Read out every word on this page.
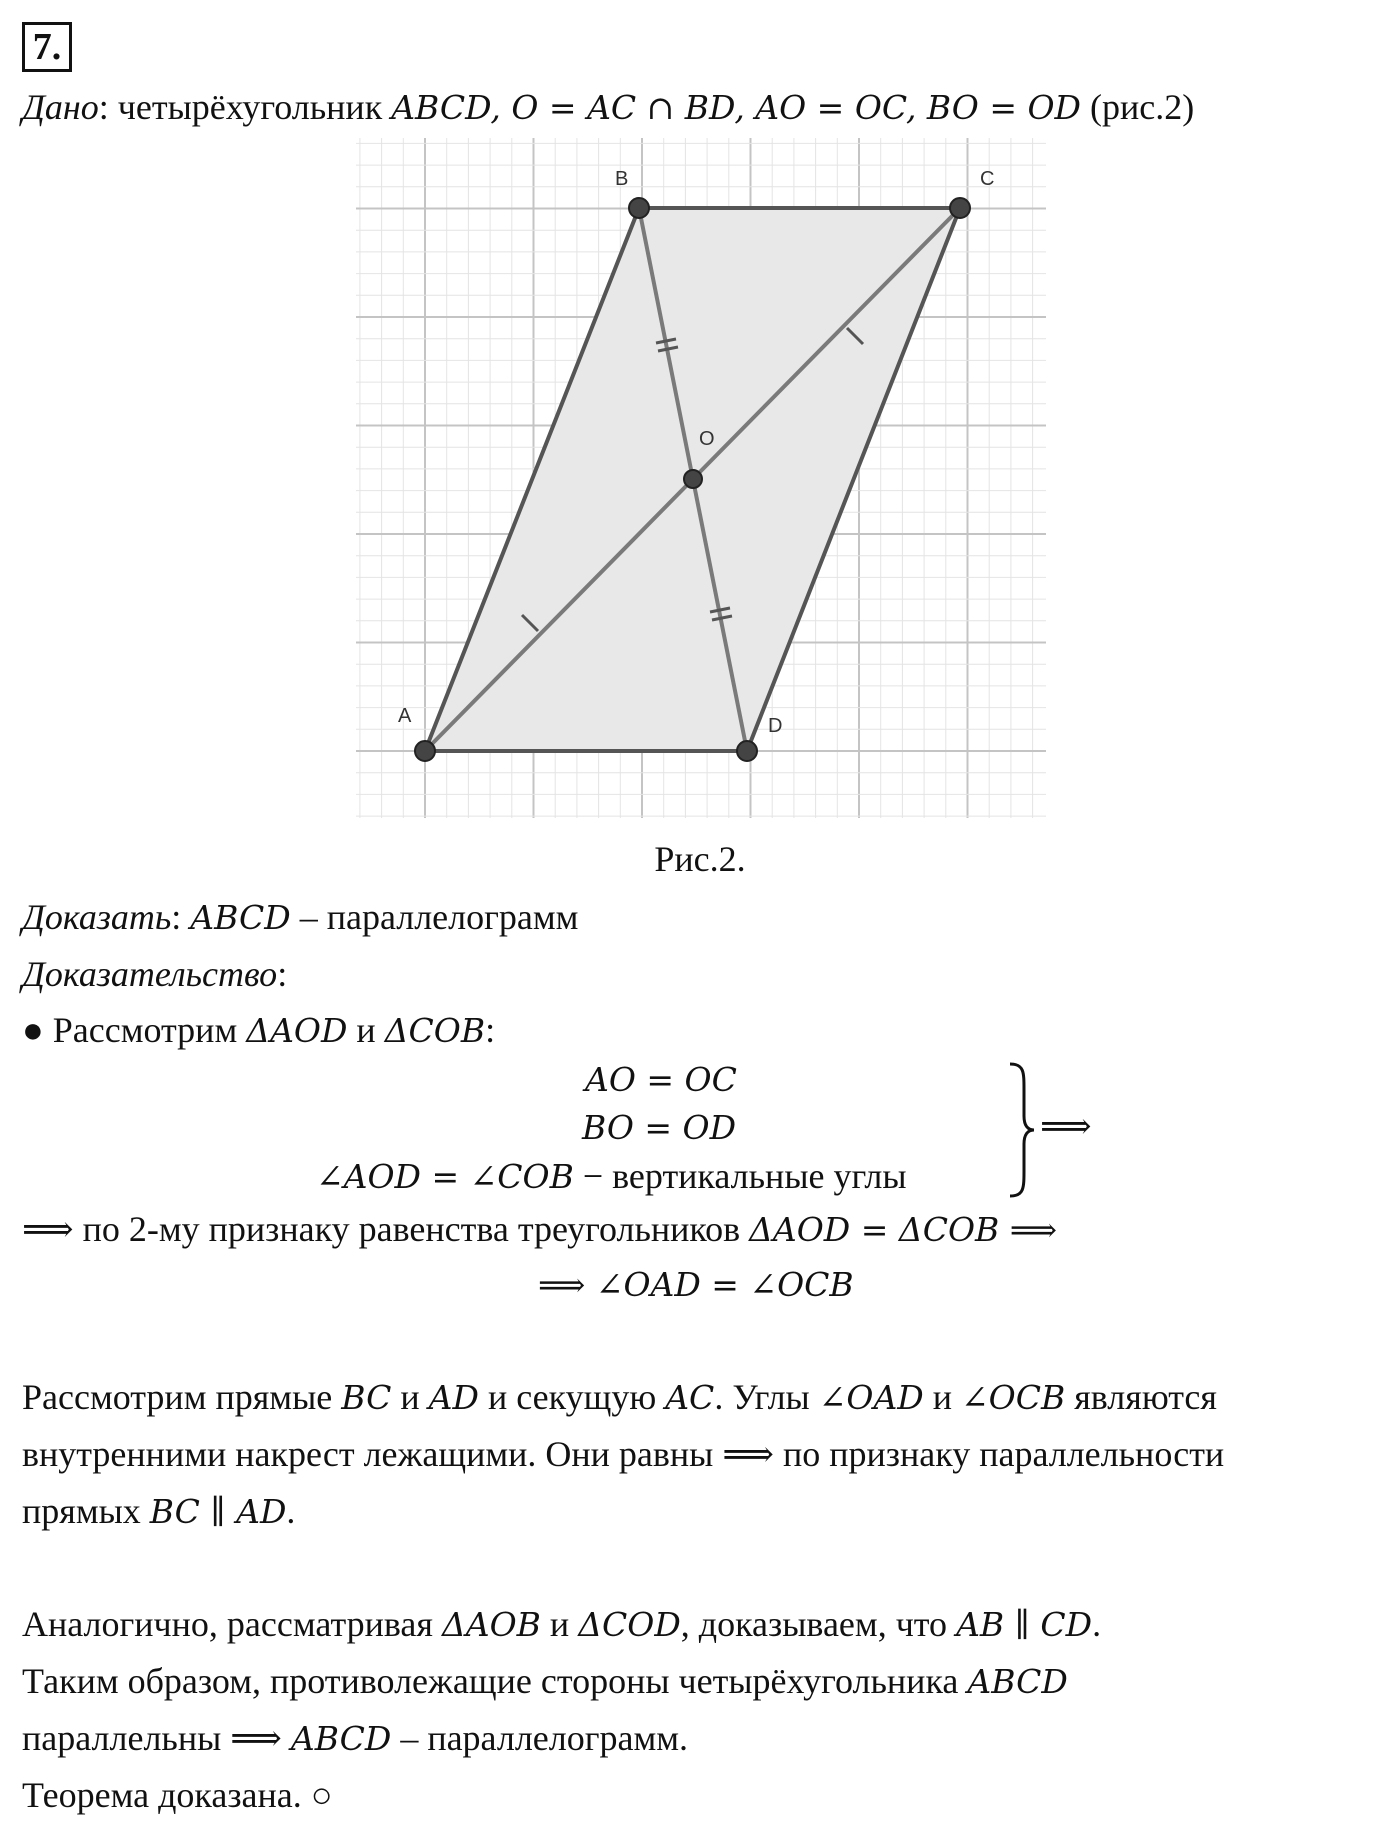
7.
Дано: четырёхугольник ABCD, O = AC ∩ BD, AO = OC, BO = OD (рис.2)
A
B	C
D
O
Рис.2.
Доказать: ABCD – параллелограмм
Доказательство:
● Рассмотрим ΔAOD и ΔCOB:
AO = OC
BO = OD
∠AOD = ∠COB − вертикальные углы
⟹
⟹ по 2-му признаку равенства треугольников ΔAOD = ΔCOB ⟹
⟹ ∠OAD = ∠OCB
Рассмотрим прямые BC и AD и секущую AC. Углы ∠OAD и ∠OCB являются
внутренними накрест лежащими. Они равны ⟹ по признаку параллельности
прямых BC ∥ AD.
Аналогично, рассматривая ΔAOB и ΔCOD, доказываем, что AB ∥ CD.
Таким образом, противолежащие стороны четырёхугольника ABCD
параллельны ⟹ ABCD – параллелограмм.
Теорема доказана. ○
